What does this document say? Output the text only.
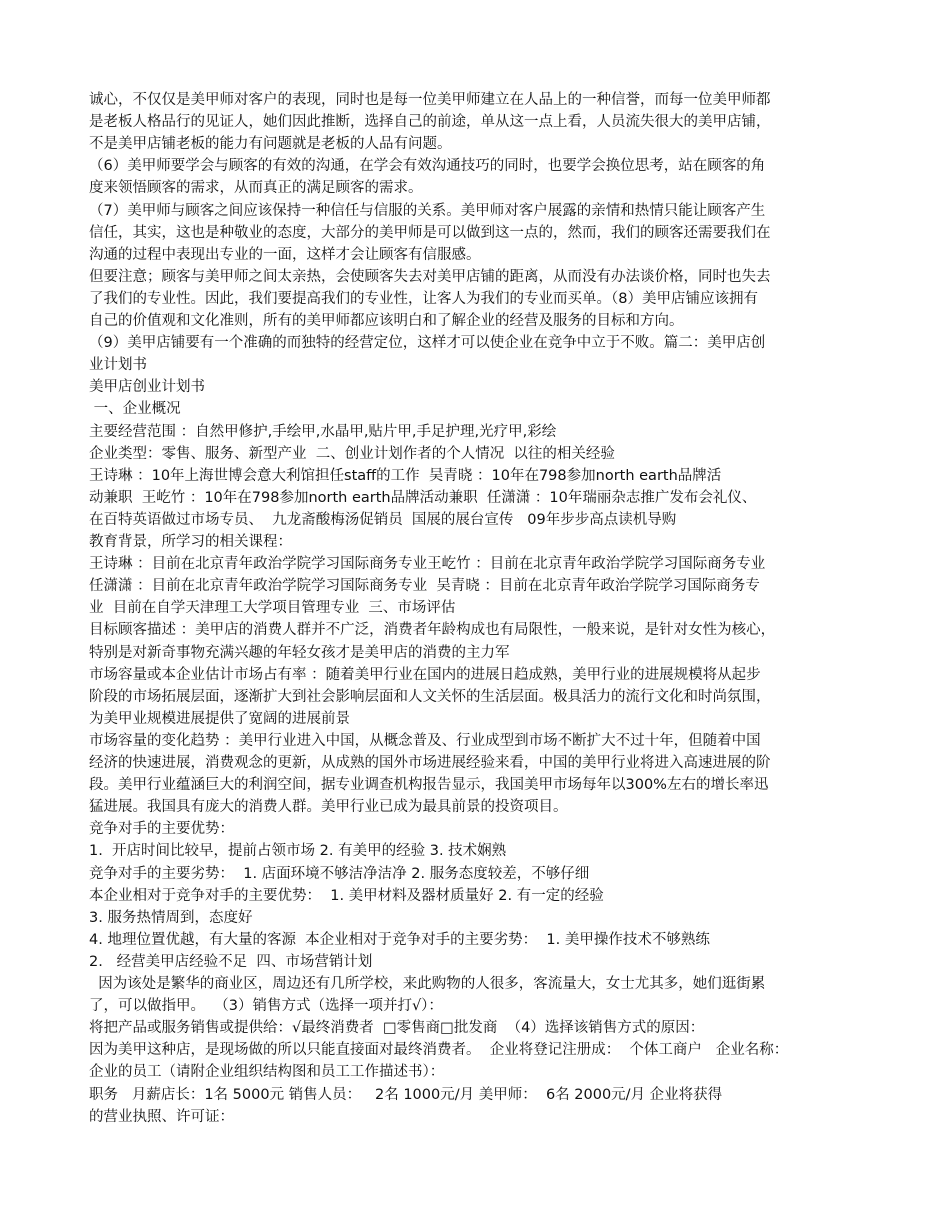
诚心，不仅仅是美甲师对客户的表现，同时也是每一位美甲师建立在人品上的一种信誉，而每一位美甲师都
是老板人格品行的见证人，她们因此推断，选择自己的前途，单从这一点上看，人员流失很大的美甲店铺，
不是美甲店铺老板的能力有问题就是老板的人品有问题。
（6）美甲师要学会与顾客的有效的沟通，在学会有效沟通技巧的同时，也要学会换位思考，站在顾客的角
度来领悟顾客的需求，从而真正的满足顾客的需求。
（7）美甲师与顾客之间应该保持一种信任与信服的关系。美甲师对客户展露的亲情和热情只能让顾客产生
信任，其实，这也是种敬业的态度，大部分的美甲师是可以做到这一点的，然而，我们的顾客还需要我们在
沟通的过程中表现出专业的一面，这样才会让顾客有信服感。
但要注意；顾客与美甲师之间太亲热，会使顾客失去对美甲店铺的距离，从而没有办法谈价格，同时也失去
了我们的专业性。因此，我们要提高我们的专业性，让客人为我们的专业而买单。（8）美甲店铺应该拥有
自己的价值观和文化准则，所有的美甲师都应该明白和了解企业的经营及服务的目标和方向。
（9）美甲店铺要有一个准确的而独特的经营定位，这样才可以使企业在竞争中立于不败。篇二：美甲店创
业计划书
美甲店创业计划书
一、企业概况
主要经营范围 ：自然甲修护,手绘甲,水晶甲,贴片甲,手足护理,光疗甲,彩绘
企业类型：零售、服务、新型产业  二、创业计划作者的个人情况  以往的相关经验
王诗琳 ：10年上海世博会意大利馆担任staff的工作  吴青晓 ：10年在798参加north earth品牌活
动兼职  王屹竹 ：10年在798参加north earth品牌活动兼职  任潇潇 ：10年瑞丽杂志推广发布会礼仪、
在百特英语做过市场专员、  九龙斋酸梅汤促销员  国展的展台宣传   09年步步高点读机导购
教育背景，所学习的相关课程：
王诗琳 ：目前在北京青年政治学院学习国际商务专业王屹竹 ：目前在北京青年政治学院学习国际商务专业
任潇潇 ：目前在北京青年政治学院学习国际商务专业  吴青晓 ：目前在北京青年政治学院学习国际商务专
业  目前在自学天津理工大学项目管理专业  三、市场评估
目标顾客描述 ：美甲店的消费人群并不广泛，消费者年龄构成也有局限性，一般来说，是针对女性为核心，
特别是对新奇事物充满兴趣的年轻女孩才是美甲店的消费的主力军
市场容量或本企业估计市场占有率 ：随着美甲行业在国内的进展日趋成熟，美甲行业的进展规模将从起步
阶段的市场拓展层面，逐渐扩大到社会影响层面和人文关怀的生活层面。极具活力的流行文化和时尚氛围，
为美甲业规模进展提供了宽阔的进展前景
市场容量的变化趋势 ：美甲行业进入中国，从概念普及、行业成型到市场不断扩大不过十年，但随着中国
经济的快速进展，消费观念的更新，从成熟的国外市场进展经验来看，中国的美甲行业将进入高速进展的阶
段。美甲行业蕴涵巨大的利润空间，据专业调查机构报告显示，我国美甲市场每年以300%左右的增长率迅
猛进展。我国具有庞大的消费人群。美甲行业已成为最具前景的投资项目。
竞争对手的主要优势：
1.  开店时间比较早，提前占领市场 2. 有美甲的经验 3. 技术娴熟
竞争对手的主要劣势：  1. 店面环境不够洁净洁净 2. 服务态度较差，不够仔细
本企业相对于竞争对手的主要优势：  1. 美甲材料及器材质量好 2. 有一定的经验
3. 服务热情周到，态度好
4. 地理位置优越，有大量的客源  本企业相对于竞争对手的主要劣势：  1. 美甲操作技术不够熟练
2.   经营美甲店经验不足  四、市场营销计划
因为该处是繁华的商业区，周边还有几所学校，来此购物的人很多，客流量大，女士尤其多，她们逛街累
了，可以做指甲。  （3）销售方式（选择一项并打√）：
将把产品或服务销售或提供给：√最终消费者  □零售商□批发商  （4）选择该销售方式的原因：
因为美甲这种店，是现场做的所以只能直接面对最终消费者。  企业将登记注册成：  个体工商户   企业名称：
企业的员工（请附企业组织结构图和员工工作描述书）：
职务   月薪店长：1名 5000元 销售人员：   2名 1000元/月 美甲师：  6名 2000元/月 企业将获得
的营业执照、许可证：
